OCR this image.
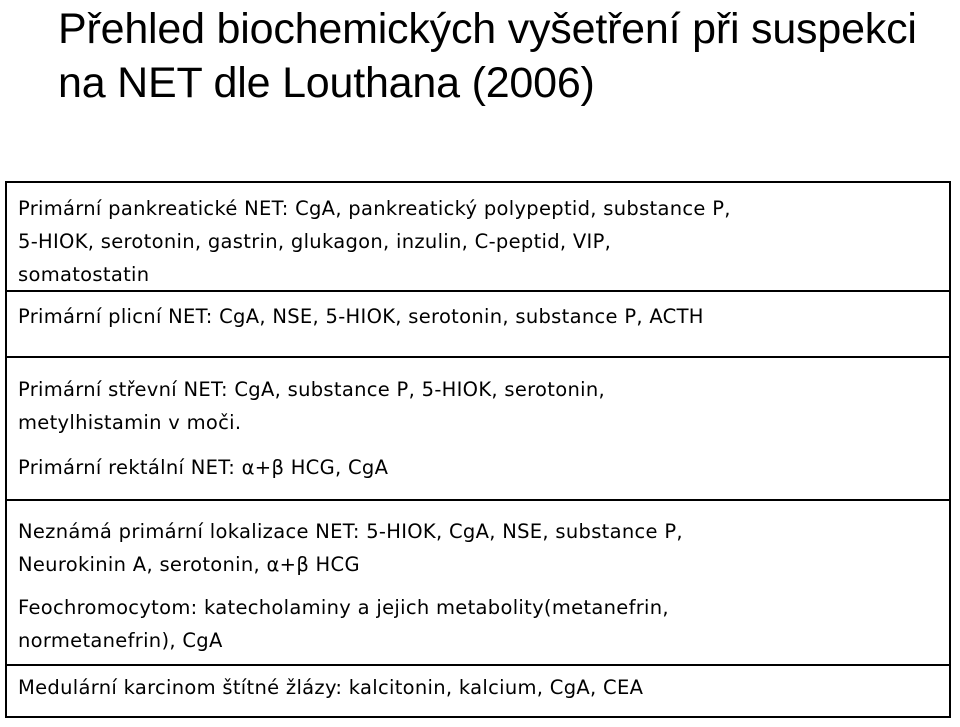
Přehled biochemických vyšetření při suspekci na NET dle Louthana (2006)
Primární pankreatické NET: CgA, pankreatický polypeptid, substance P,
5-HIOK, serotonin, gastrin, glukagon, inzulin, C-peptid, VIP,
somatostatin
Primární plicní NET: CgA, NSE, 5-HIOK, serotonin, substance P, ACTH
Primární střevní NET: CgA, substance P, 5-HIOK, serotonin,
metylhistamin v moči.
Primární rektální NET: α+β HCG, CgA
Neznámá primární lokalizace NET: 5-HIOK, CgA, NSE, substance P,
Neurokinin A, serotonin, α+β HCG
Feochromocytom: katecholaminy a jejich metabolity(metanefrin,
normetanefrin), CgA
Medulární karcinom štítné žlázy: kalcitonin, kalcium, CgA, CEA
